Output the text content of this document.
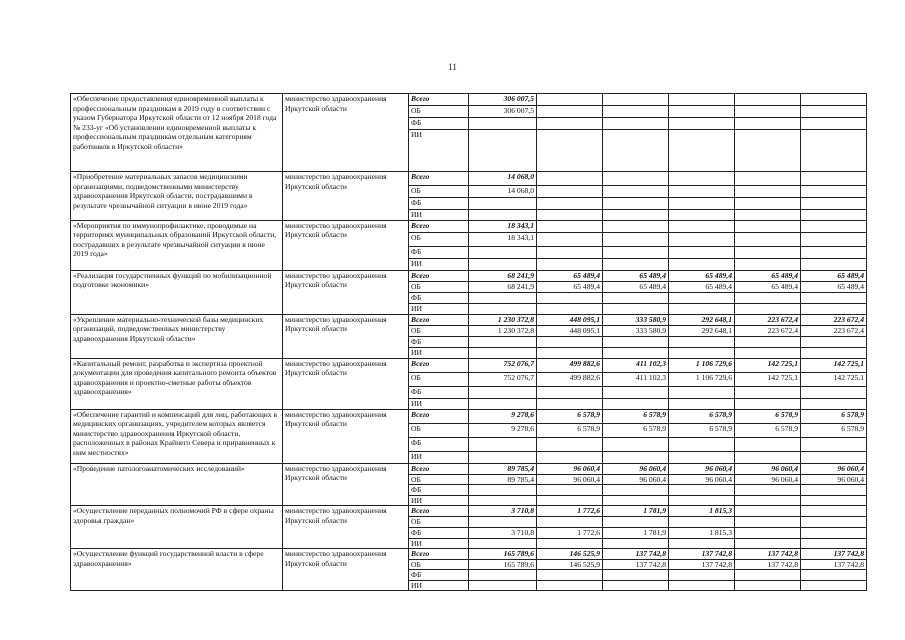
11
«Обеспечение предоставления единовременной выплаты к профессиональным праздникам в 2019 году в соответствии с указом Губернатора Иркутской области от 12 ноября 2018 года № 233-уг «Об установлении единовременной выплаты к профессиональным праздникам отдельным категориям работников в Иркутской области»	министерство здравоохранения Иркутской области	Всего	306 007,5					
		ОБ	306 007,5					
		ФБ						
		ИИ						
«Приобретение материальных запасов медицинскими организациями, подведомственными министерству здравоохранения Иркутской области, пострадавшими в результате чрезвычайной ситуации в июне 2019 года»	министерство здравоохранения Иркутской области	Всего	14 068,0					
		ОБ	14 068,0					
		ФБ						
		ИИ						
«Мероприятия по иммунопрофилактике, проводимые на территориях муниципальных образований Иркутской области, пострадавших в результате чрезвычайной ситуации в июне 2019 года»	министерство здравоохранения Иркутской области	Всего	18 343,1					
		ОБ	18 343,1					
		ФБ						
		ИИ						
«Реализация государственных функций по мобилизационной подготовке экономики»	министерство здравоохранения Иркутской области	Всего	68 241,9	65 489,4	65 489,4	65 489,4	65 489,4	65 489,4
		ОБ	68 241,9	65 489,4	65 489,4	65 489,4	65 489,4	65 489,4
		ФБ						
		ИИ						
«Укрепление материально-технической базы медицинских организаций, подведомственных министерству здравоохранения Иркутской области»	министерство здравоохранения Иркутской области	Всего	1 230 372,8	448 095,1	333 580,9	292 648,1	223 672,4	223 672,4
		ОБ	1 230 372,8	448 095,1	333 580,9	292 648,1	223 672,4	223 672,4
		ФБ						
		ИИ						
«Капитальный ремонт, разработка и экспертиза проектной документации для проведения капитального ремонта объектов здравоохранения и проектно-сметные работы объектов здравоохранения»	министерство здравоохранения Иркутской области	Всего	752 076,7	499 882,6	411 102,3	1 106 729,6	142 725,1	142 725,1
		ОБ	752 076,7	499 882,6	411 102,3	1 106 729,6	142 725,1	142 725,1
		ФБ						
		ИИ						
«Обеспечение гарантий и компенсаций для лиц, работающих в медицинских организациях, учредителем которых является министерство здравоохранения Иркутской области, расположенных в районах Крайнего Севера и приравненных к ним местностях»	министерство здравоохранения Иркутской области	Всего	9 278,6	6 578,9	6 578,9	6 578,9	6 578,9	6 578,9
		ОБ	9 278,6	6 578,9	6 578,9	6 578,9	6 578,9	6 578,9
		ФБ						
		ИИ						
«Проведение патологоанатомических исследований»	министерство здравоохранения Иркутской области	Всего	89 785,4	96 060,4	96 060,4	96 060,4	96 060,4	96 060,4
		ОБ	89 785,4	96 060,4	96 060,4	96 060,4	96 060,4	96 060,4
		ФБ						
		ИИ						
«Осуществление переданных полномочий РФ в сфере охраны здоровья граждан»	министерство здравоохранения Иркутской области	Всего	3 710,8	1 772,6	1 781,9	1 815,3		
		ОБ						
		ФБ	3 710,8	1 772,6	1 781,9	1 815,3		
		ИИ						
«Осуществление функций государственной власти в сфере здравоохранения»	министерство здравоохранения Иркутской области	Всего	165 789,6	146 525,9	137 742,8	137 742,8	137 742,8	137 742,8
		ОБ	165 789,6	146 525,9	137 742,8	137 742,8	137 742,8	137 742,8
		ФБ						
		ИИ						
